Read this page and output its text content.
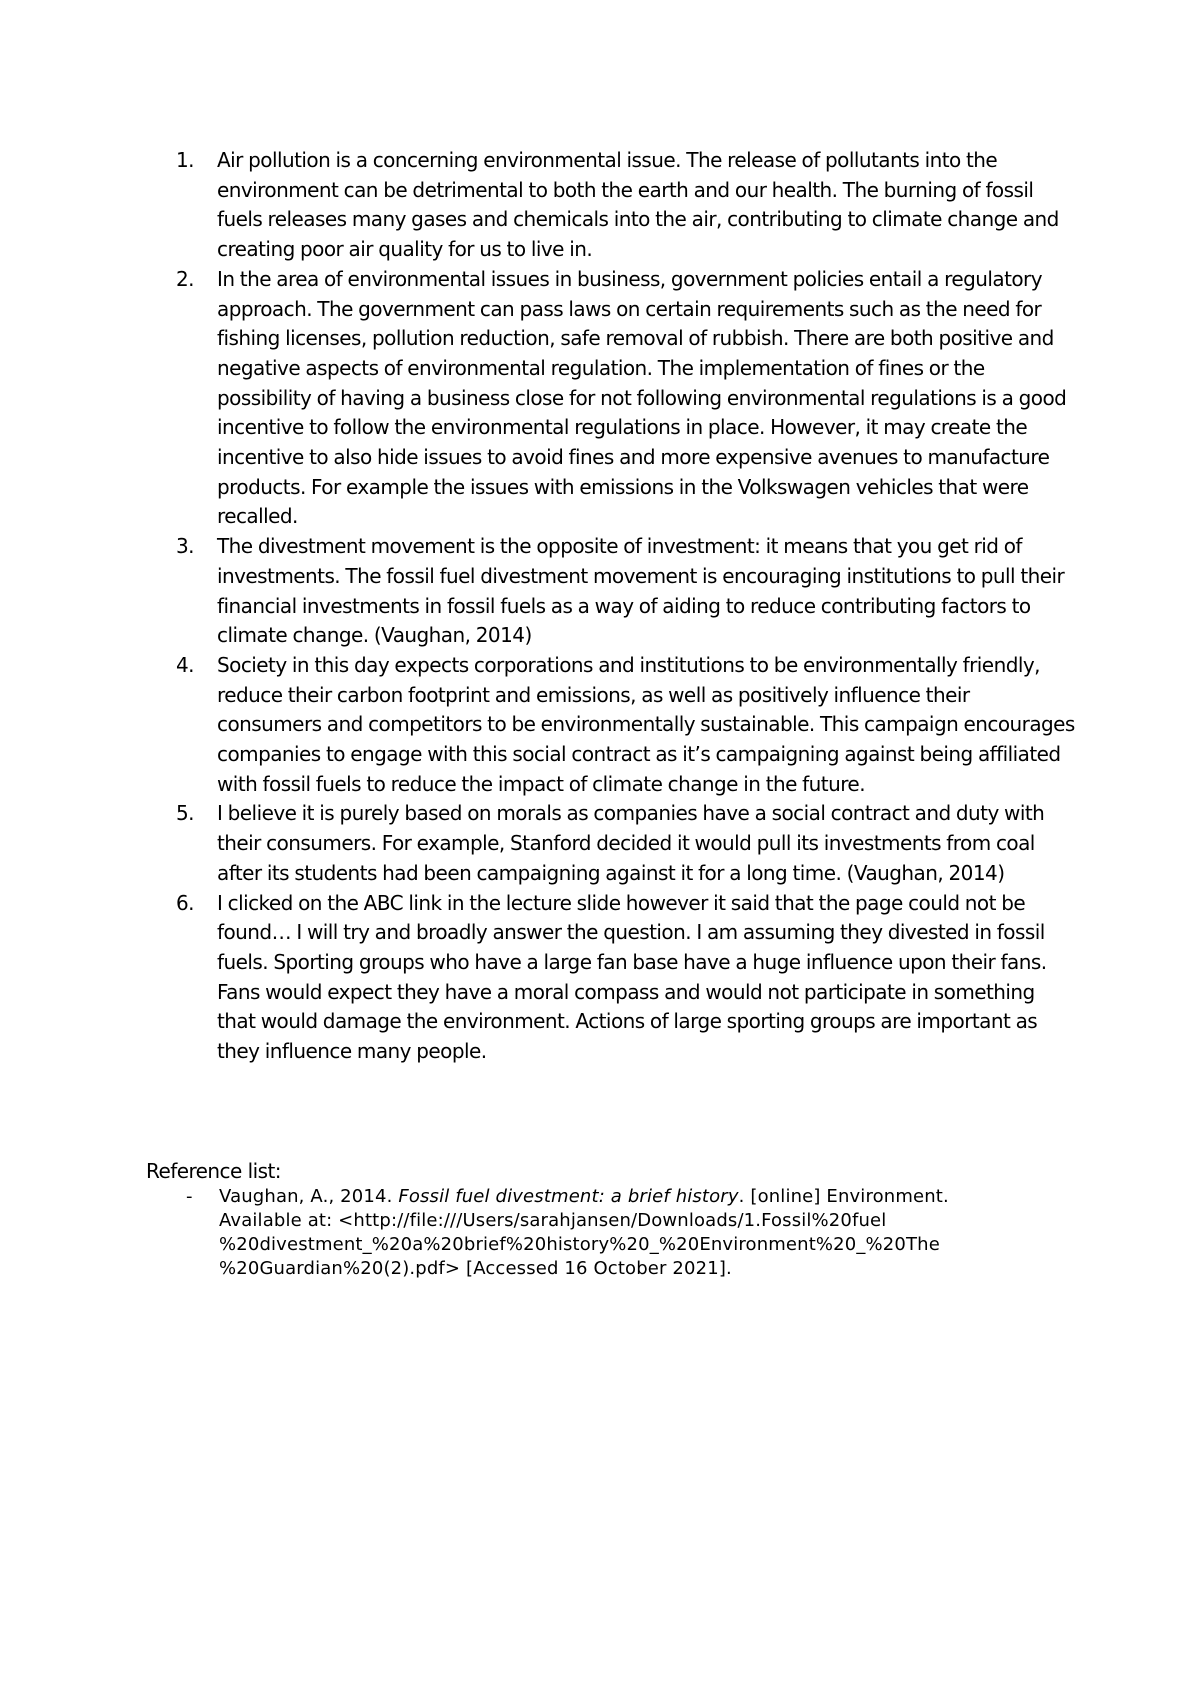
1.	Air pollution is a concerning environmental issue. The release of pollutants into the environment can be detrimental to both the earth and our health. The burning of fossil fuels releases many gases and chemicals into the air, contributing to climate change and creating poor air quality for us to live in.
2.	In the area of environmental issues in business, government policies entail a regulatory approach. The government can pass laws on certain requirements such as the need for fishing licenses, pollution reduction, safe removal of rubbish. There are both positive and negative aspects of environmental regulation. The implementation of fines or the possibility of having a business close for not following environmental regulations is a good incentive to follow the environmental regulations in place. However, it may create the incentive to also hide issues to avoid fines and more expensive avenues to manufacture products. For example the issues with emissions in the Volkswagen vehicles that were recalled.
3.	The divestment movement is the opposite of investment: it means that you get rid of investments. The fossil fuel divestment movement is encouraging institutions to pull their financial investments in fossil fuels as a way of aiding to reduce contributing factors to climate change. (Vaughan, 2014)
4.	Society in this day expects corporations and institutions to be environmentally friendly, reduce their carbon footprint and emissions, as well as positively influence their consumers and competitors to be environmentally sustainable. This campaign encourages companies to engage with this social contract as it’s campaigning against being affiliated with fossil fuels to reduce the impact of climate change in the future.
5.	I believe it is purely based on morals as companies have a social contract and duty with their consumers. For example, Stanford decided it would pull its investments from coal after its students had been campaigning against it for a long time. (Vaughan, 2014)
6.	I clicked on the ABC link in the lecture slide however it said that the page could not be found… I will try and broadly answer the question. I am assuming they divested in fossil fuels. Sporting groups who have a large fan base have a huge influence upon their fans. Fans would expect they have a moral compass and would not participate in something that would damage the environment. Actions of large sporting groups are important as they influence many people.

Reference list:

- Vaughan, A., 2014. Fossil fuel divestment: a brief history. [online] Environment.
Available at: <http://file:///Users/sarahjansen/Downloads/1.Fossil%20fuel
%20divestment_%20a%20brief%20history%20_%20Environment%20_%20The
%20Guardian%20(2).pdf> [Accessed 16 October 2021].
